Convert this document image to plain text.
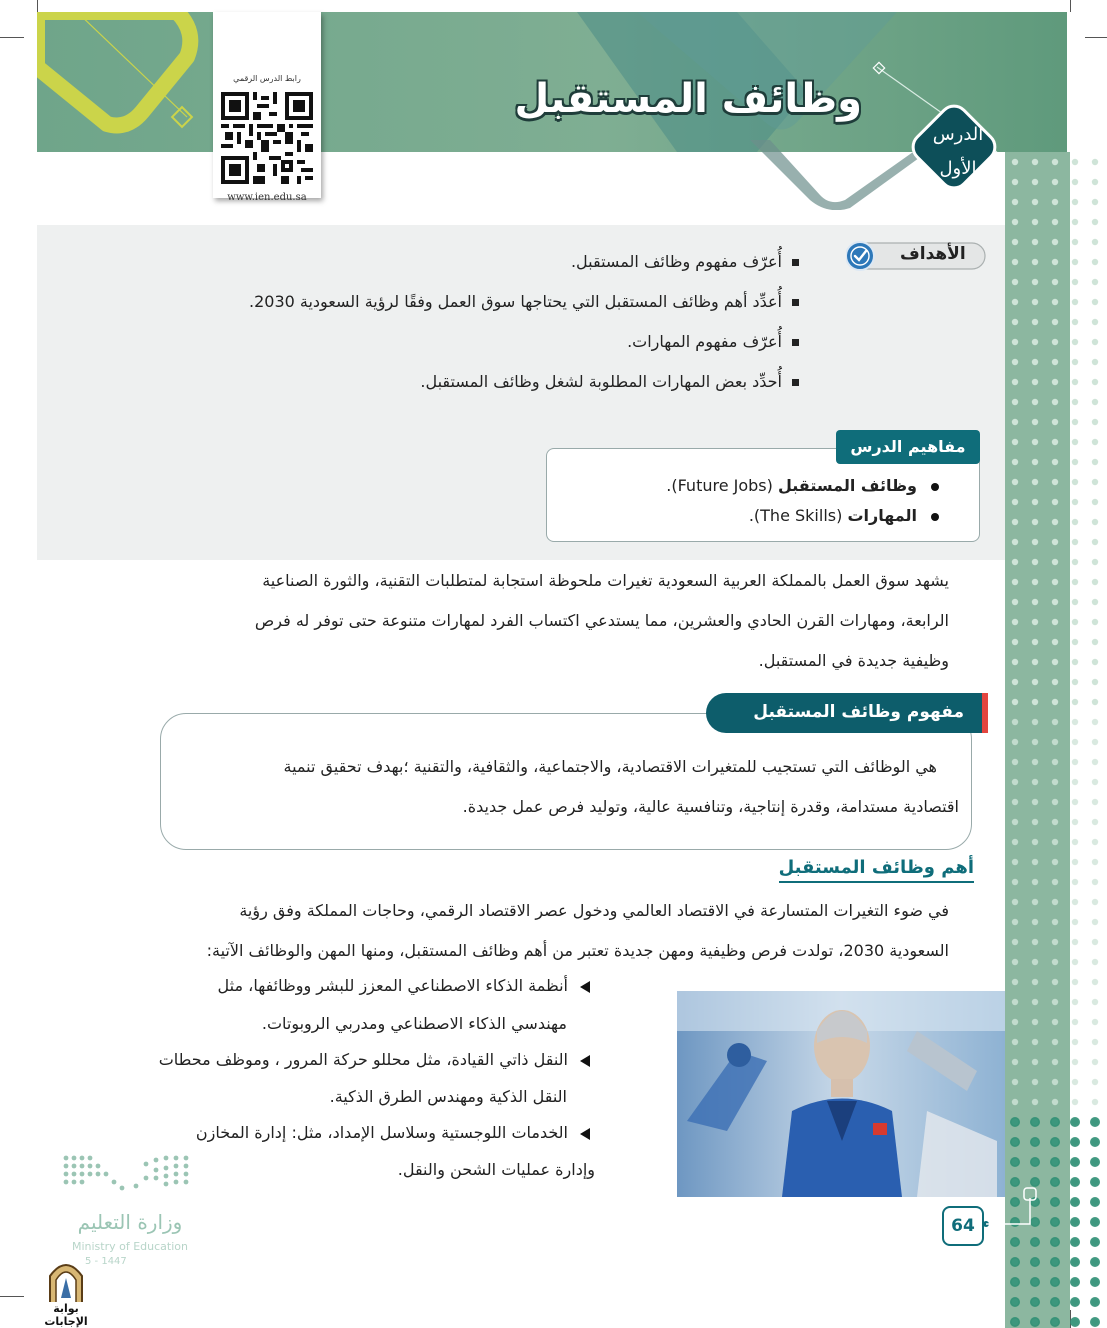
الدرس
الأول
وظائف المستقبل
رابط الدرس الرقمي
www.ien.edu.sa
الأهداف
أُعرّف مفهوم وظائف المستقبل.
أُعدِّد أهم وظائف المستقبل التي يحتاجها سوق العمل وفقًا لرؤية السعودية 2030.
أُعرّف مفهوم المهارات.
أُحدِّد بعض المهارات المطلوبة لشغل وظائف المستقبل.
مفاهيم الدرس
وظائف المستقبل (Future Jobs).
المهارات (The Skills).
يشهد سوق العمل بالمملكة العربية السعودية تغيرات ملحوظة استجابة لمتطلبات التقنية، والثورة الصناعية
الرابعة، ومهارات القرن الحادي والعشرين، مما يستدعي اكتساب الفرد لمهارات متنوعة حتى توفر له فرص
وظيفية جديدة في المستقبل.
مفهوم وظائف المستقبل
هي الوظائف التي تستجيب للمتغيرات الاقتصادية، والاجتماعية، والثقافية، والتقنية ؛بهدف تحقيق تنمية
اقتصادية مستدامة، وقدرة إنتاجية، وتنافسية عالية، وتوليد فرص عمل جديدة.
أهم وظائف المستقبل
في ضوء التغيرات المتسارعة في الاقتصاد العالمي ودخول عصر الاقتصاد الرقمي، وحاجات المملكة وفق رؤية
السعودية 2030، تولدت فرص وظيفية ومهن جديدة تعتبر من أهم وظائف المستقبل، ومنها المهن والوظائف الآتية:
أنظمة الذكاء الاصطناعي المعزز للبشر ووظائفها، مثل
مهندسي الذكاء الاصطناعي ومدربي الروبوتات.
النقل ذاتي القيادة، مثل محللو حركة المرور ، وموظف محطات
النقل الذكية ومهندس الطرق الذكية.
الخدمات اللوجستية وسلاسل الإمداد، مثل: إدارة المخازن
وإدارة عمليات الشحن والنقل.
64
وزارة التعليم
Ministry of Education
5 - 1447
بوابة الإجابات
